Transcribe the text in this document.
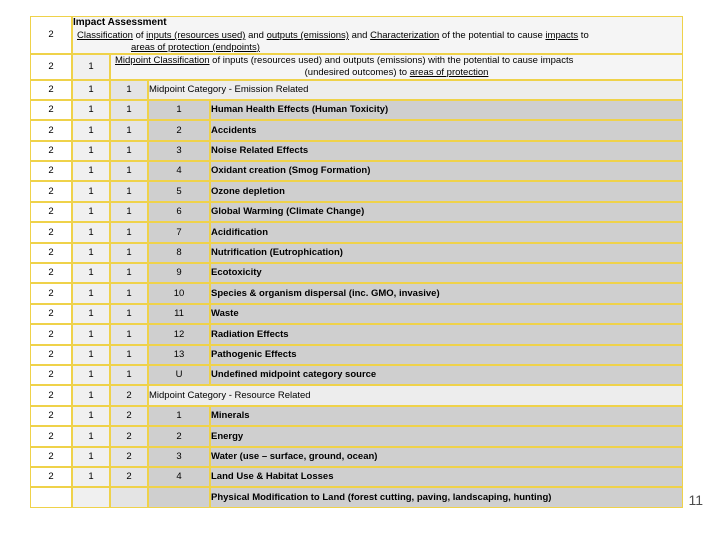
2	Impact Assessment
Classification of inputs (resources used) and outputs (emissions) and Characterization of the potential to cause impacts to
areas of protection (endpoints)			

2	1	Midpoint Classification of inputs (resources used) and outputs (emissions) with the potential to cause impacts
(undesired outcomes) to areas of protection		

2	1	1	Midpoint Category - Emission Related	
2	1	1	1	Human Health Effects (Human Toxicity)
2	1	1	2	Accidents
2	1	1	3	Noise Related Effects
2	1	1	4	Oxidant creation (Smog Formation)
2	1	1	5	Ozone depletion
2	1	1	6	Global Warming (Climate Change)
2	1	1	7	Acidification
2	1	1	8	Nutrification (Eutrophication)
2	1	1	9	Ecotoxicity
2	1	1	10	Species & organism dispersal (inc. GMO, invasive)
2	1	1	11	Waste
2	1	1	12	Radiation Effects
2	1	1	13	Pathogenic Effects
2	1	1	U	Undefined midpoint category source
2	1	2	Midpoint Category - Resource Related	
2	1	2	1	Minerals
2	1	2	2	Energy
2	1	2	3	Water (use – surface, ground, ocean)
2	1	2	4	Land Use & Habitat Losses
				Physical Modification to Land (forest cutting, paving, landscaping, hunting)	11
